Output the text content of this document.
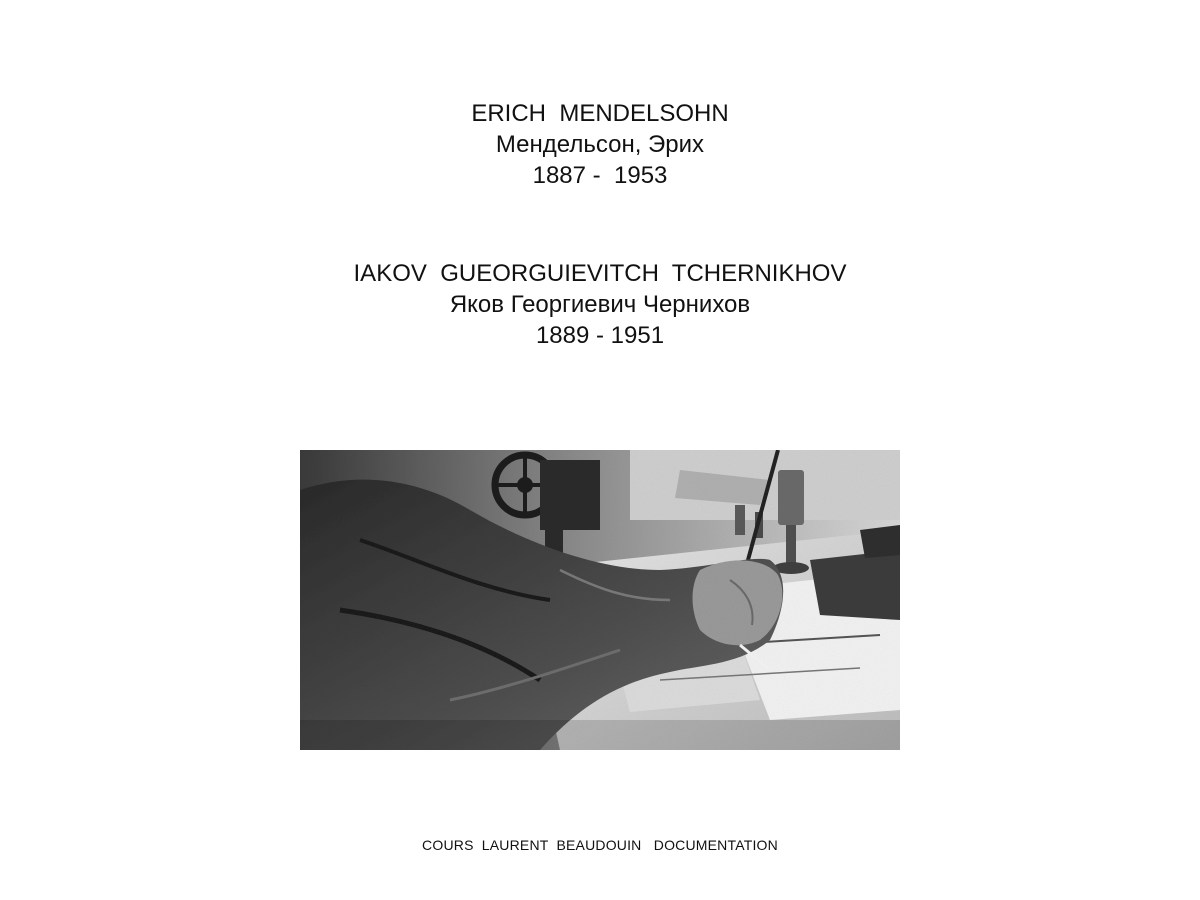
ERICH  MENDELSOHN
Мендельсон, Эрих
1887 -  1953
IAKOV  GUEORGUIEVITCH  TCHERNIKHOV
Яков Георгиевич Чернихов
1889 - 1951
COURS  LAURENT  BEAUDOUIN   DOCUMENTATION
